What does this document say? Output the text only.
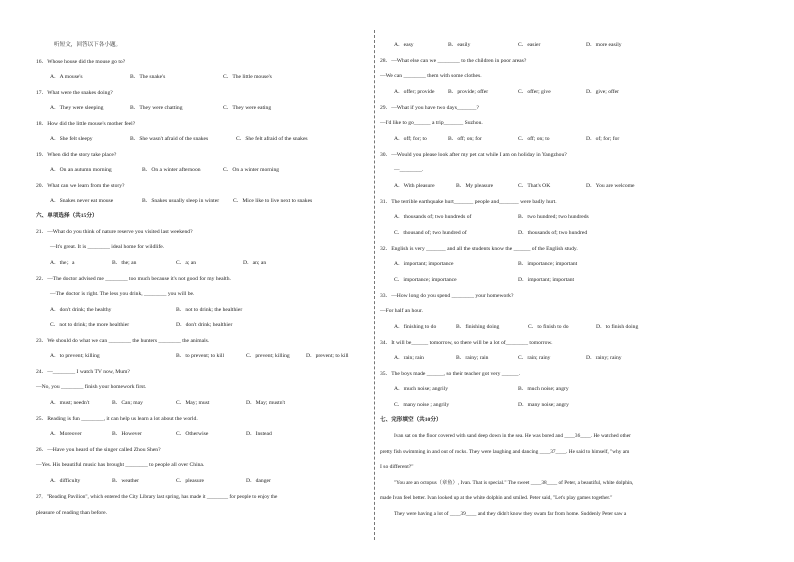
听短文，回答以下各小题。
16．Whose house did the mouse go to?
A．A mouse's	B．The snake's	C．The little mouse's
17．What were the snakes doing?
A．They were sleeping	B．They were chatting	C．They were eating
18．How did the little mouse's mother feel?
A．She felt sleepy	B．She wasn't afraid of the snakes	C．She felt afraid of the snakes
19．When did the story take place?
A．On an autumn morning	B．On a winter afternoon	C．On a winter morning
20．What can we learn from the story?
A．Snakes never eat mouse	B．Snakes usually sleep in winter C．Mice like to live next to snakes
六、单项选择（共15分）
21．—What do you think of nature reserve you visited last weekend?
—It's great. It is ________ ideal home for wildlife.
A．the；a	B．the; an	C．a; an	D．an; an
22．—The doctor advised me ________ too much because it's not good for my health.
—The doctor is right. The less you drink, ________ you will be.
A．don't drink; the healthy	B．not to drink; the healthier
C．not to drink; the more healthier	D．don't drink; healthier
23．We should do what we can ________ the hunters ________ the animals.
A．to prevent; killing	B．to prevent; to kill	C．prevent; killing	D．prevent; to kill
24．—________ I watch TV now, Mum?
—No, you ________ finish your homework first.
A．must; needn't	B．Can; may	C．May; must	D．May; mustn't
25．Reading is fun ________, it can help us learn a lot about the world.
A．Moreover	B．However	C．Otherwise	D．Instead
26．—Have you heard of the singer called Zhou Shen?
—Yes. His beautiful music has brought ________ to people all over China.
A．difficulty	B．weather	C．pleasure	D．danger
27．"Reading Pavilion", which entered the City Library last spring, has made it ________ for people to enjoy the
pleasure of reading than before.
A．easy	B．easily	C．easier	D．more easily
28．—What else can we ________ to the children in poor areas?
—We can ________ them with some clothes.
A．offer; provide B．provide; offer	C．offer; give	D．give; offer
29．—What if you have two days_______?
—I'd like to go______ a trip_______ Suzhou.
A．off; for; to	B．off; on; for	C．off; on; to	D．of; for; for
30．—Would you please look after my pet cat while I am on holiday in Yangzhou?
—________.
A．With pleasure	B．My pleasure	C．That's OK	D．You are welcome
31．The terrible earthquake hurt_______ people and_______ were badly hurt.
A．thousands of; two hundreds of	B．two hundred; two hundreds
C．thousand of; two hundred of	D．thousands of; two hundred
32．English is very _______ and all the students know the ______ of the English study.
A．important; importance	B．importance; important
C．importance; importance	D．important; important
33．—How long do you spend ________ your homework?
—For half an hour.
A．finishing to do	B．finishing doing	C．to finish to do	D．to finish doing
34．It will be______ tomorrow, so there will be a lot of________ tomorrow.
A．rain; rain	B．rainy; rain	C．rain; rainy	D．rainy; rainy
35．The boys made ______, so their teacher got very ______.
A．much noise; angrily	B．much noise; angry
C．many noise ; angrily	D．many noise; angry
七、完形填空（共10分）
Ivan sat on the floor covered with sand deep down in the sea. He was bored and ____36____. He watched other
pretty fish swimming in and out of rocks. They were laughing and dancing ____37____. He said to himself, "why am
I so different?"
"You are an octopus（章鱼）, Ivan. That is special." The sweet ____38____ of Peter, a beautiful, white dolphin,
made Ivan feel better. Ivan looked up at the white dolphin and smiled. Peter said, "Let's play games together."
They were having a lot of ____39____ and they didn't know they swam far from home. Suddenly Peter saw a
